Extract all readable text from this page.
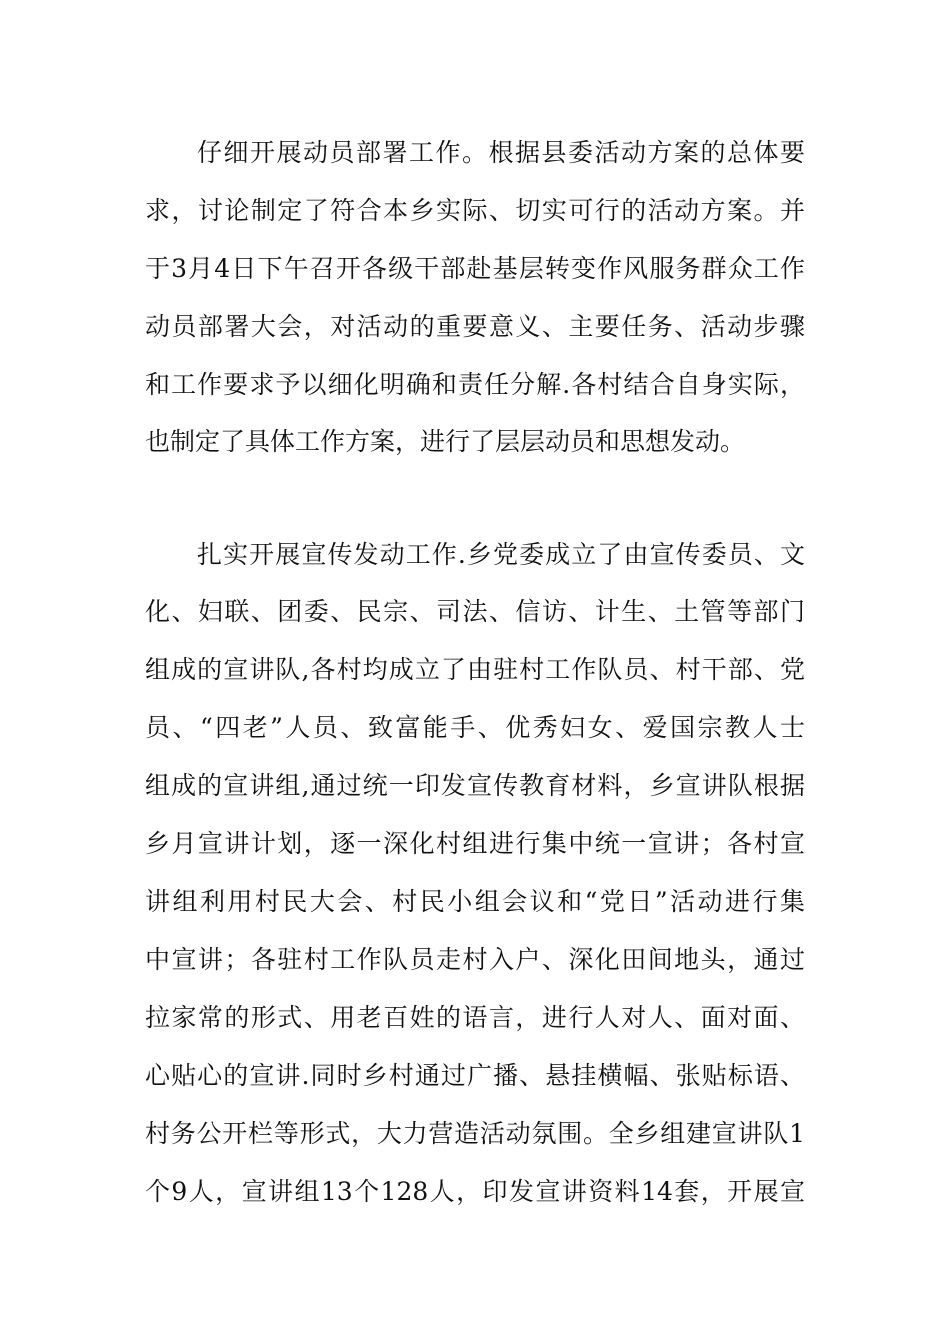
仔细开展动员部署工作。根据县委活动方案的总体要
求，讨论制定了符合本乡实际、切实可行的活动方案。并
于3月4日下午召开各级干部赴基层转变作风服务群众工作
动员部署大会，对活动的重要意义、主要任务、活动步骤
和工作要求予以细化明确和责任分解.各村结合自身实际，
也制定了具体工作方案，进行了层层动员和思想发动。
扎实开展宣传发动工作.乡党委成立了由宣传委员、文
化、妇联、团委、民宗、司法、信访、计生、土管等部门
组成的宣讲队,各村均成立了由驻村工作队员、村干部、党
员、“四老”人员、致富能手、优秀妇女、爱国宗教人士
组成的宣讲组,通过统一印发宣传教育材料，乡宣讲队根据
乡月宣讲计划，逐一深化村组进行集中统一宣讲；各村宣
讲组利用村民大会、村民小组会议和“党日”活动进行集
中宣讲；各驻村工作队员走村入户、深化田间地头，通过
拉家常的形式、用老百姓的语言，进行人对人、面对面、
心贴心的宣讲.同时乡村通过广播、悬挂横幅、张贴标语、
村务公开栏等形式，大力营造活动氛围。全乡组建宣讲队1
个9人，宣讲组13个128人，印发宣讲资料14套，开展宣
